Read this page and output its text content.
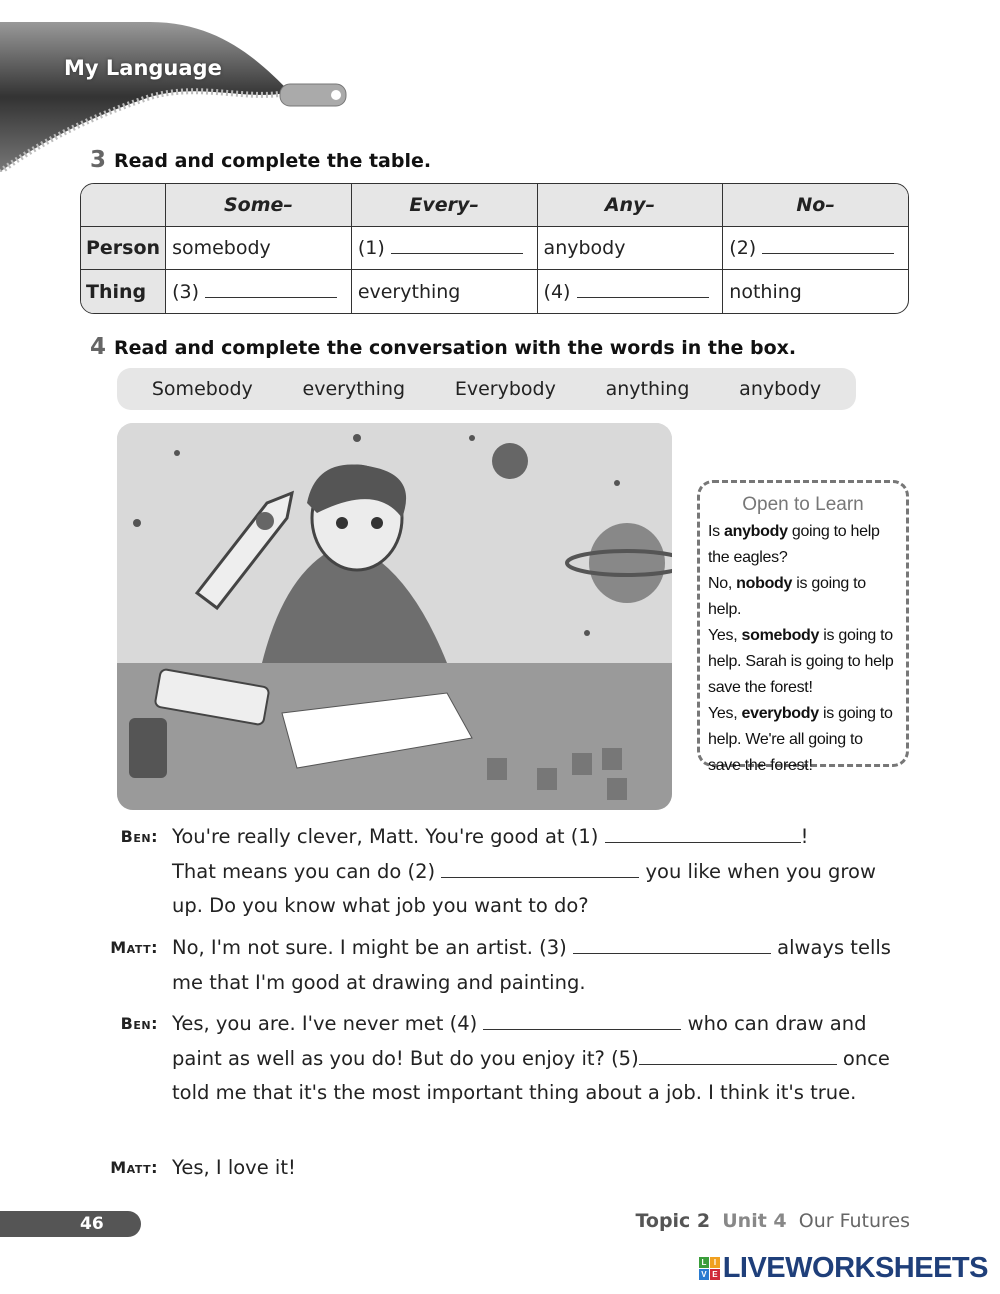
My Language
3 Read and complete the table.
	Some–	Every–	Any–	No–
Person	somebody	(1)	anybody	(2)
Thing	(3)	everything	(4)	nothing
4 Read and complete the conversation with the words in the box.
Somebody	everything	Everybody	anything	anybody
Open to Learn

Is anybody going to help the eagles?

No, nobody is going to help.

Yes, somebody is going to help. Sarah is going to help save the forest!

Yes, everybody is going to help. We're all going to save the forest!

Ben: You're really clever, Matt. You're good at (1)	!
That means you can do (2)	you like when you grow up. Do you know what job you want to do?
Matt: No, I'm not sure. I might be an artist. (3)	always tells me that I'm good at drawing and painting.
Ben: Yes, you are. I've never met (4)	who can draw and paint as well as you do! But do you enjoy it? (5)	once told me that it's the most important thing about a job. I think it's true.
Matt: Yes, I love it!
46	Topic 2 Unit 4 Our Futures
L I
V E LIVEWORKSHEETS
